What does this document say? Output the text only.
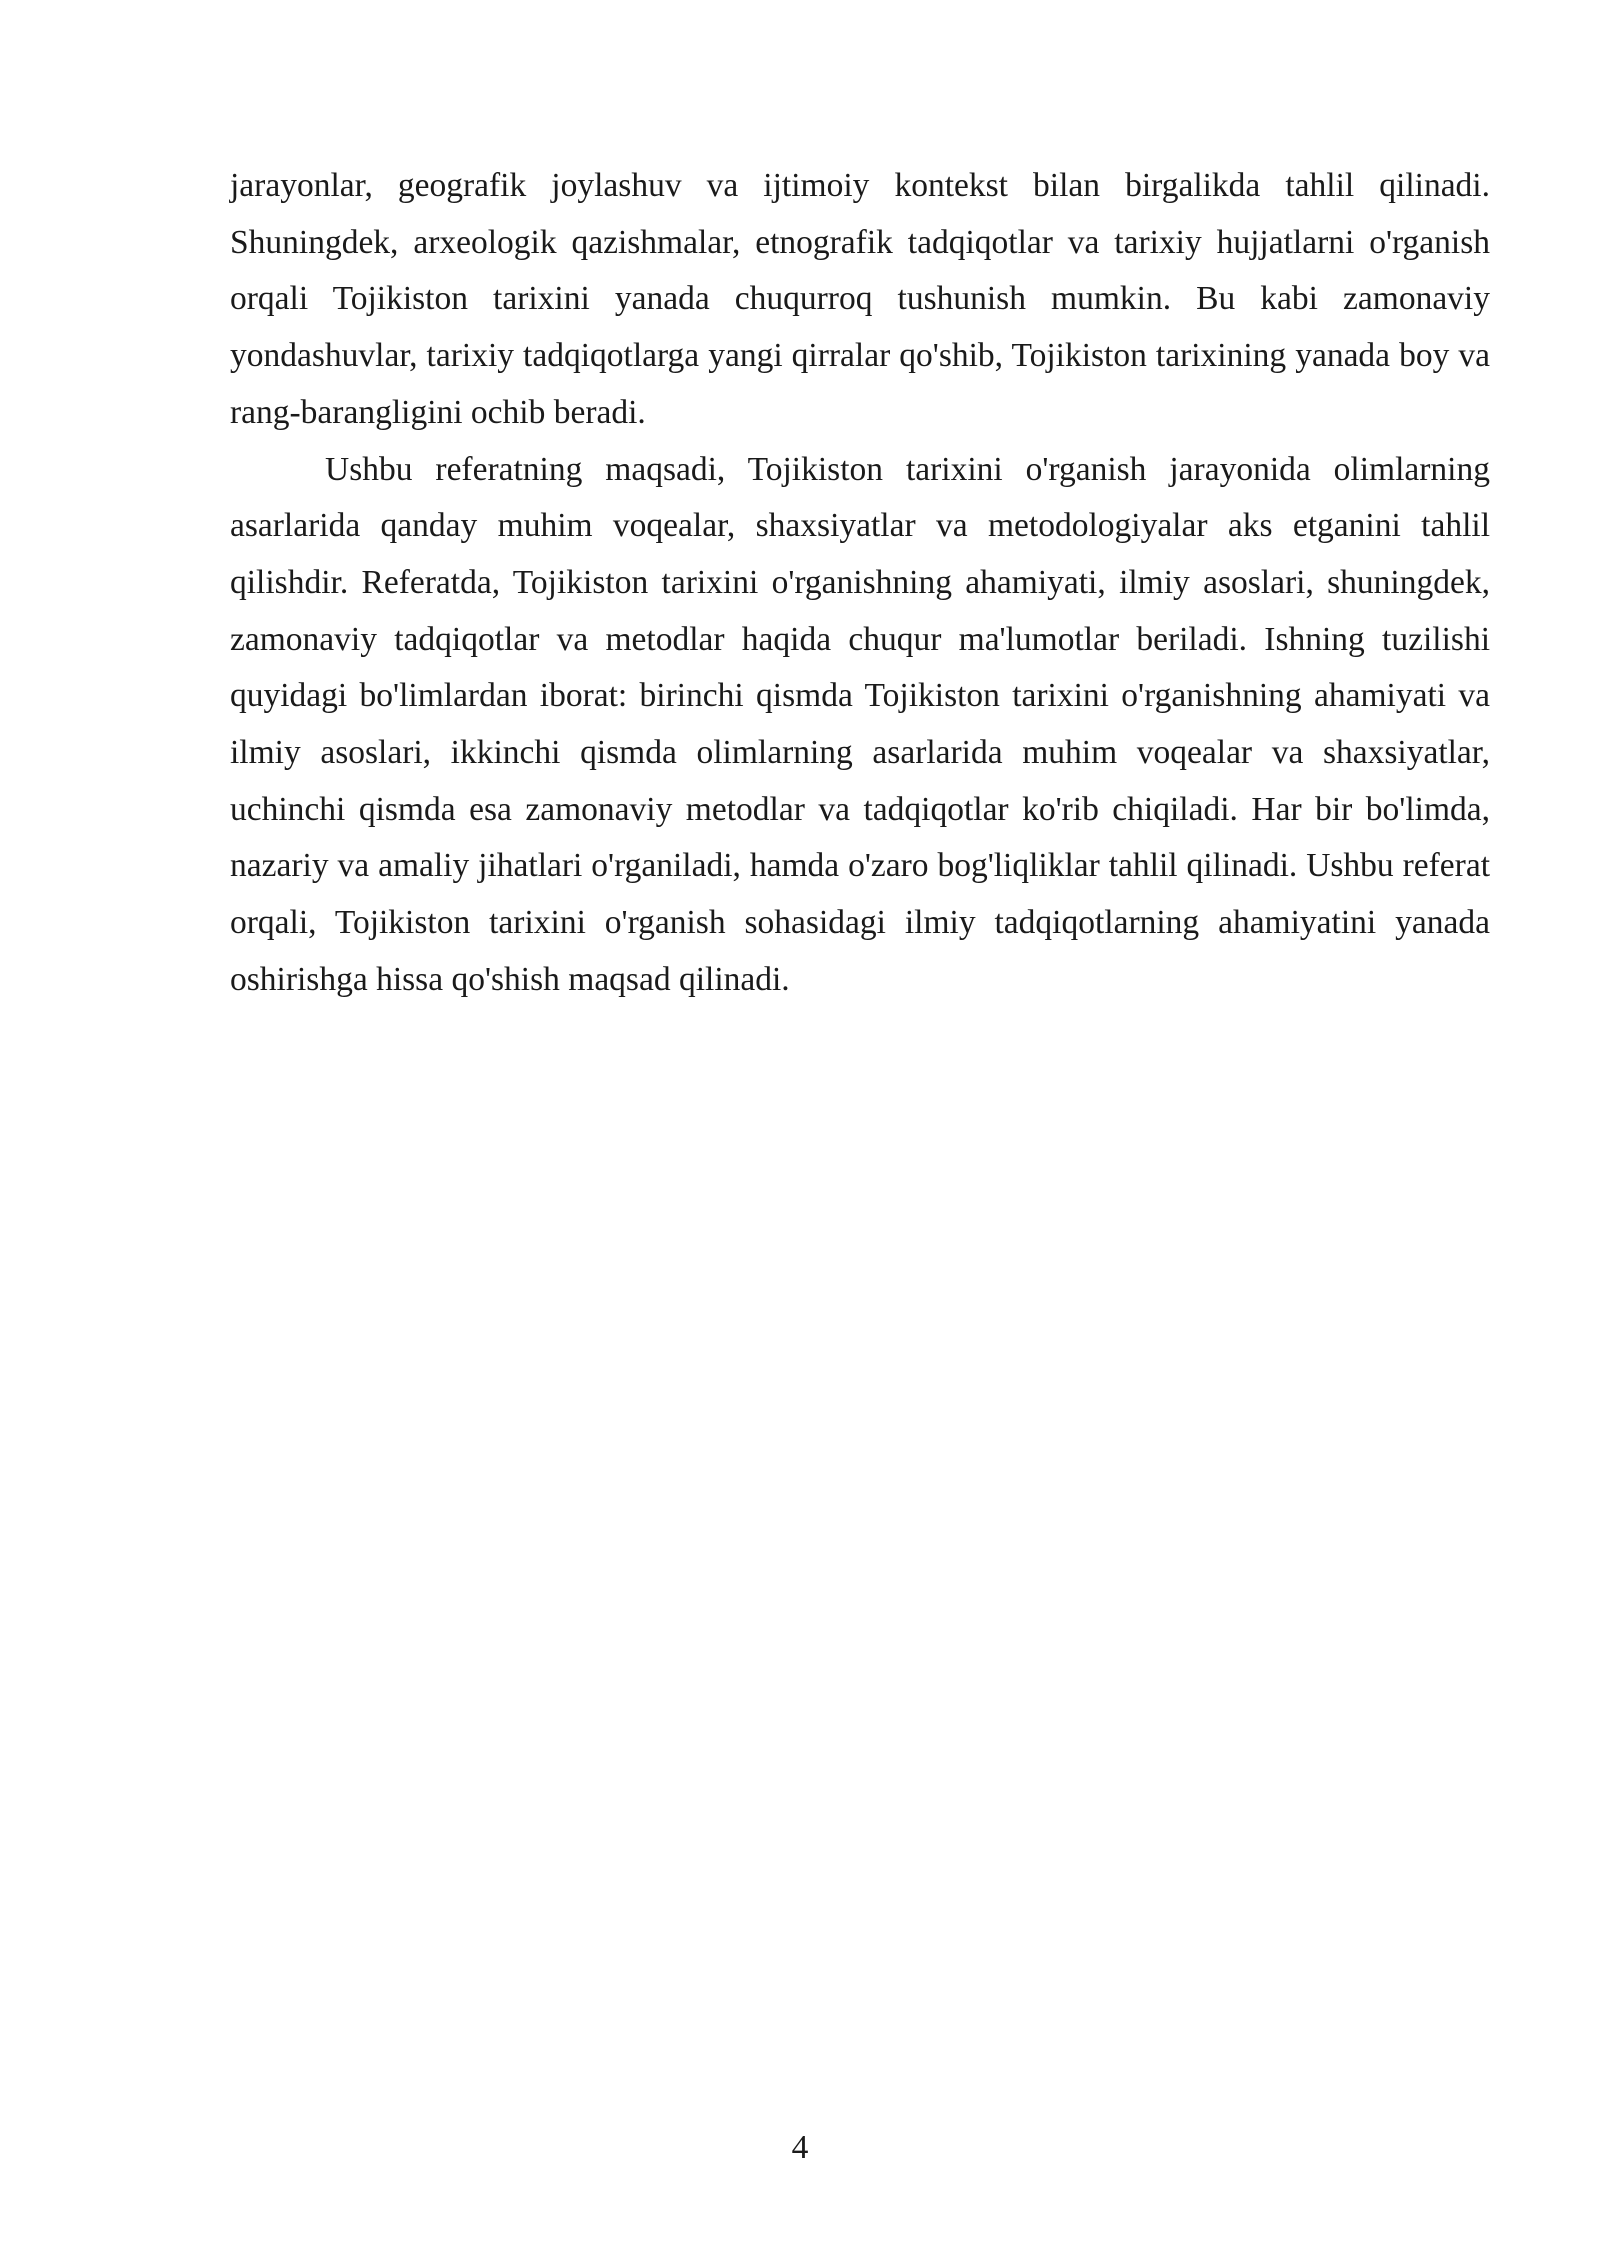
jarayonlar, geografik joylashuv va ijtimoiy kontekst bilan birgalikda tahlil qilinadi. Shuningdek, arxeologik qazishmalar, etnografik tadqiqotlar va tarixiy hujjatlarni o'rganish orqali Tojikiston tarixini yanada chuqurroq tushunish mumkin. Bu kabi zamonaviy yondashuvlar, tarixiy tadqiqotlarga yangi qirralar qo'shib, Tojikiston tarixining yanada boy va rang-barangligini ochib beradi.

Ushbu referatning maqsadi, Tojikiston tarixini o'rganish jarayonida olimlarning asarlarida qanday muhim voqealar, shaxsiyatlar va metodologiyalar aks etganini tahlil qilishdir. Referatda, Tojikiston tarixini o'rganishning ahamiyati, ilmiy asoslari, shuningdek, zamonaviy tadqiqotlar va metodlar haqida chuqur ma'lumotlar beriladi. Ishning tuzilishi quyidagi bo'limlardan iborat: birinchi qismda Tojikiston tarixini o'rganishning ahamiyati va ilmiy asoslari, ikkinchi qismda olimlarning asarlarida muhim voqealar va shaxsiyatlar, uchinchi qismda esa zamonaviy metodlar va tadqiqotlar ko'rib chiqiladi. Har bir bo'limda, nazariy va amaliy jihatlari o'rganiladi, hamda o'zaro bog'liqliklar tahlil qilinadi. Ushbu referat orqali, Tojikiston tarixini o'rganish sohasidagi ilmiy tadqiqotlarning ahamiyatini yanada oshirishga hissa qo'shish maqsad qilinadi.

4
